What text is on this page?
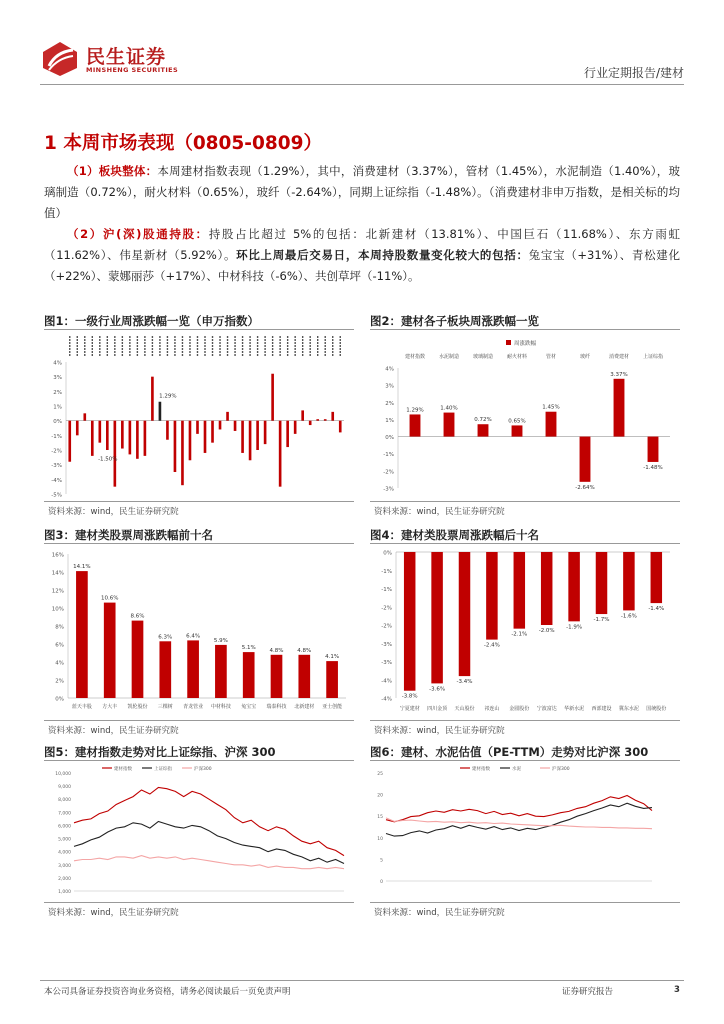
民生证券
MINSHENG SECURITIES	行业定期报告/建材
1 本周市场表现（0805-0809）
（1）板块整体：本周建材指数表现（1.29%），其中，消费建材（3.37%），管材（1.45%），水泥制造（1.40%），玻璃制造（0.72%），耐火材料（0.65%），玻纤（-2.64%），同期上证综指（-1.48%）。（消费建材非申万指数，是相关标的均值）
（2）沪(深)股通持股：持股占比超过 5%的包括：北新建材（13.81%）、中国巨石（11.68%）、东方雨虹（11.62%）、伟星新材（5.92%）。环比上周最后交易日，本周持股数量变化较大的包括：兔宝宝（+31%）、青松建化（+22%）、蒙娜丽莎（+17%）、中材科技（-6%）、共创草坪（-11%）。
图1：一级行业周涨跌幅一览（申万指数）	图2：建材各子板块周涨跌幅一览
资料来源：wind，民生证券研究院	资料来源：wind，民生证券研究院
图3：建材类股票周涨跌幅前十名	图4：建材类股票周涨跌幅后十名
资料来源：wind，民生证券研究院	资料来源：wind，民生证券研究院
图5：建材指数走势对比上证综指、沪深 300	图6：建材、水泥估值（PE-TTM）走势对比沪深 300
资料来源：wind，民生证券研究院	资料来源：wind，民生证券研究院
4%
3%
2%
1%
0%
-1%
-2%
-3%
-4%
-5%
1.29%
-1.50%
4%
3%
2%
1%
0%
-1%
-2%
-3%
1.29%	1.40%
0.72%	0.65%
1.45%
-2.64%
3.37%
-1.48%
建材指数	水泥制造	玻璃制造	耐火材料	管材	玻纤	消费建材	上证综指
周涨跌幅
16%
14%
12%
10%
8%
6%
4%
2%
0%
14.1%
蓝天丰股
10.6%
方大丰
8.6%
凯伦股份
6.3%
三棵树
6.4%
青龙管业
5.9%
中材科技
5.1%
兔宝宝
4.8%
瑞泰科技
4.8%
北新建材
4.1%
亚士创能
0%
-1%
-1%
-2%
-2%
-3%
-3%
-4%
-4% -3.8%
宁夏建材
-3.6%
四川金顶
-3.4%
天山股份
-2.4%
祁连山
-2.1%
金圆股份
-2.0%
宁波富达
-1.9%
华新水泥
-1.7%
西部建设
-1.6%
冀东水泥
-1.4%
国统股份
10,000
9,000
8,000
7,000
6,000
5,000
4,000
3,000
2,000
1,000
建材指数	上证综指	沪深300
25
20
15
10
5
0
建材指数	水泥	沪深300
本公司具备证券投资咨询业务资格，请务必阅读最后一页免责声明	证券研究报告	3
